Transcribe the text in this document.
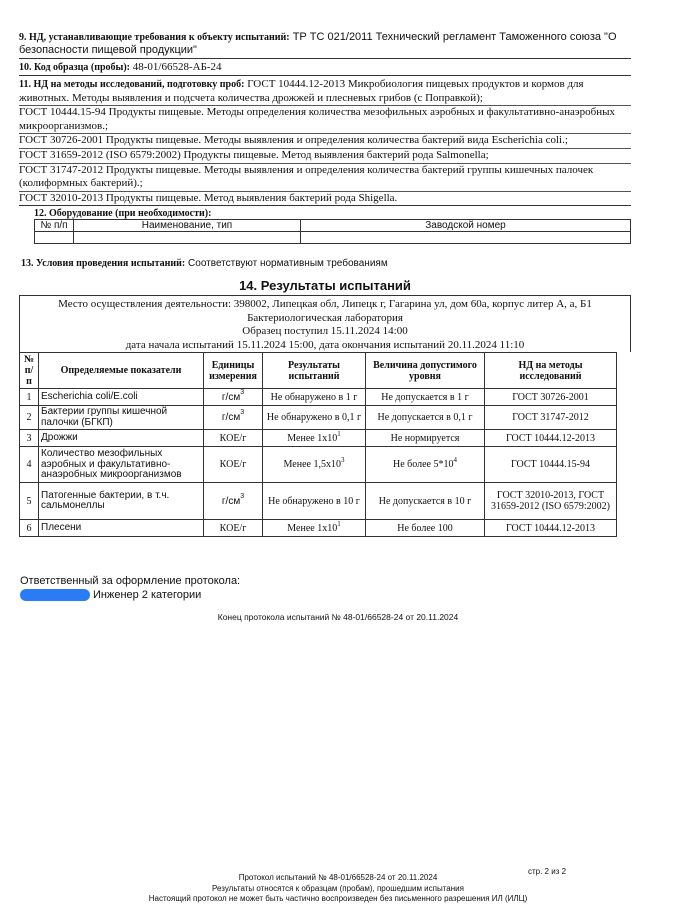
9. НД, устанавливающие требования к объекту испытаний: ТР ТС 021/2011 Технический регламент Таможенного союза "О безопасности пищевой продукции"
10. Код образца (пробы): 48-01/66528-АБ-24
11. НД на методы исследований, подготовку проб: ГОСТ 10444.12-2013 Микробиология пищевых продуктов и кормов для животных. Методы выявления и подсчета количества дрожжей и плесневых грибов (с Поправкой);
ГОСТ 10444.15-94 Продукты пищевые. Методы определения количества мезофильных аэробных и факультативно-анаэробных микроорганизмов.;
ГОСТ 30726-2001 Продукты пищевые. Методы выявления и определения количества бактерий вида Escherichia coli.;
ГОСТ 31659-2012 (ISO 6579:2002) Продукты пищевые. Метод выявления бактерий рода Salmonella;
ГОСТ 31747-2012 Продукты пищевые. Методы выявления и определения количества бактерий группы кишечных палочек (колиформных бактерий).;
ГОСТ 32010-2013 Продукты пищевые. Метод выявления бактерий рода Shigella.
12. Оборудование (при необходимости):
№ п/п	Наименование, тип	Заводской номер

13. Условия проведения испытаний: Соответствуют нормативным требованиям
14. Результаты испытаний
Место осуществления деятельности: 398002, Липецкая обл, Липецк г, Гагарина ул, дом 60а, корпус литер А, а, Б1
Бактериологическая лаборатория
Образец поступил 15.11.2024 14:00
дата начала испытаний 15.11.2024 15:00, дата окончания испытаний 20.11.2024 11:10
№ п/п	Определяемые показатели	Единицы измерения	Результаты испытаний	Величина допустимого уровня	НД на методы исследований
1	Escherichia coli/E.coli	$г/см^3$	Не обнаружено в 1 г	Не допускается в 1 г	ГОСТ 30726-2001
2	Бактерии группы кишечной палочки (БГКП)	$г/см^3$	Не обнаружено в 0,1 г	Не допускается в 0,1 г	ГОСТ 31747-2012
3	Дрожжи	КОЕ/г	Менее $1x10^1$	Не нормируется	ГОСТ 10444.12-2013
4	Количество мезофильных аэробных и факультативно-анаэробных микроорганизмов	КОЕ/г	Менее $1,5x10^3$	Не более $5*10^4$	ГОСТ 10444.15-94
5	Патогенные бактерии, в т.ч. сальмонеллы	$г/см^3$	Не обнаружено в 10 г	Не допускается в 10 г	ГОСТ 32010-2013, ГОСТ 31659-2012 (ISO 6579:2002)
6	Плесени	КОЕ/г	Менее $1x10^1$	Не более 100	ГОСТ 10444.12-2013
Ответственный за оформление протокола:
Инженер 2 категории
Конец протокола испытаний № 48-01/66528-24 от 20.11.2024
стр. 2 из 2
Протокол испытаний № 48-01/66528-24 от 20.11.2024
Результаты относятся к образцам (пробам), прошедшим испытания
Настоящий протокол не может быть частично воспроизведен без письменного разрешения ИЛ (ИЛЦ)
